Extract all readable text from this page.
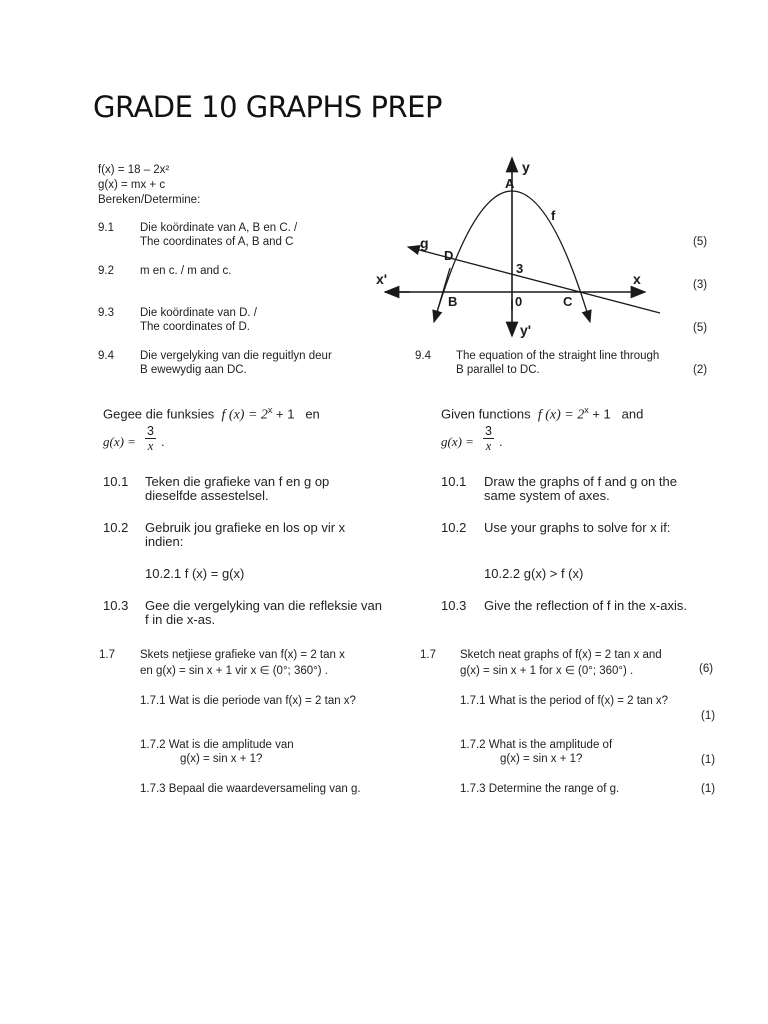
GRADE 10 GRAPHS PREP
f(x) = 18 – 2x²
g(x) = mx + c
Bereken/Determine:
9.1 Die koördinate van A, B en C. /
The coordinates of A, B and C	(5)
9.2 m en c. / m and c.
(3)
9.3 Die koördinate van D. /
The coordinates of D.	(5)
9.4 Die vergelyking van die reguitlyn deur
B ewewydig aan DC.
9.4 The equation of the straight line through
B parallel to DC.	(2)
y
A
f
g
D
3
x'	x
B	0	C
y'
Gegee die funksies f $(x) = 2^x + 1$ en
$g(x) = \frac{3}{x}$ .
10.1 Teken die grafieke van f en g op
dieselfde assestelsel.
10.2 Gebruik jou grafieke en los op vir x
indien:
10.2.1 f (x) = g(x)
10.3 Gee die vergelyking van die refleksie van
f in die x-as.
Given functions f $(x) = 2^x + 1$ and
$g(x) = \frac{3}{x}$ .
10.1 Draw the graphs of f and g on the
same system of axes.
10.2 Use your graphs to solve for x if:
10.2.2 g(x) > f (x)
10.3 Give the reflection of f in the x-axis.
1.7 Skets netjiese grafieke van f(x) = 2 tan x
en g(x) = sin x + 1 vir x ∈ (0°; 360°) .
1.7.1 Wat is die periode van f(x) = 2 tan x?
1.7.2 Wat is die amplitude van
g(x) = sin x + 1?
1.7.3 Bepaal die waardeversameling van g.
1.7 Sketch neat graphs of f(x) = 2 tan x and
g(x) = sin x + 1 for x ∈ (0°; 360°) .	(6)
1.7.1 What is the period of f(x) = 2 tan x?
(1)
1.7.2 What is the amplitude of
g(x) = sin x + 1?	(1)
1.7.3 Determine the range of g.	(1)
